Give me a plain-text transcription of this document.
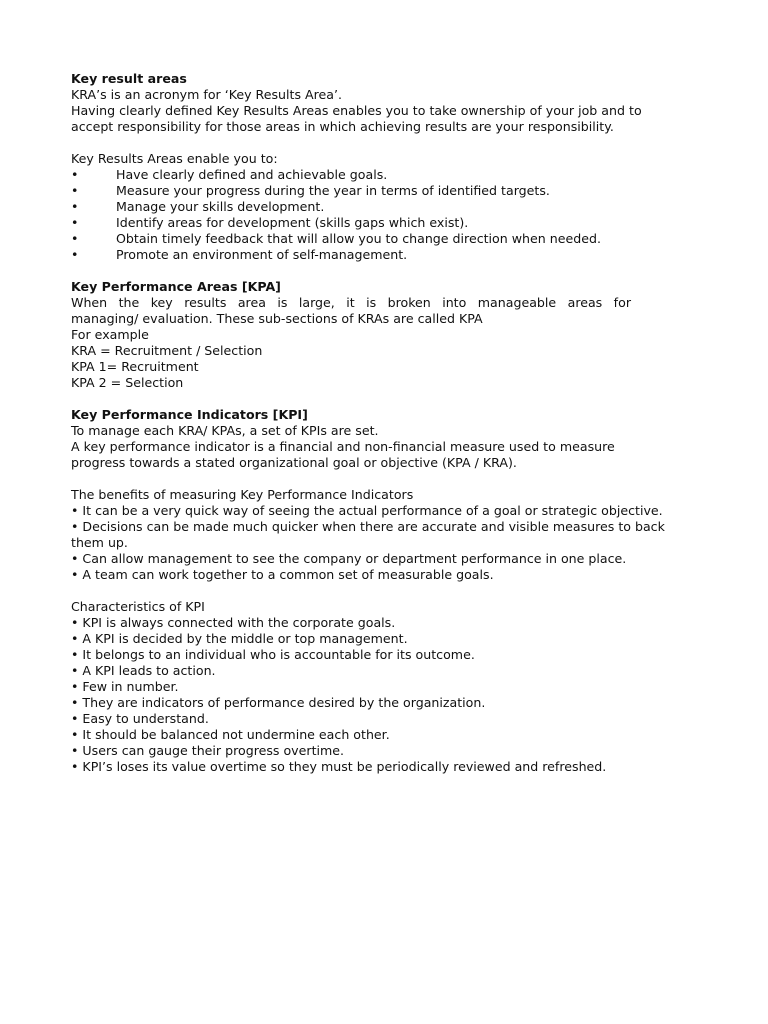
Key result areas
KRA’s is an acronym for ‘Key Results Area’.
Having clearly defined Key Results Areas enables you to take ownership of your job and to
accept responsibility for those areas in which achieving results are your responsibility.
Key Results Areas enable you to:
•	Have clearly defined and achievable goals.
•	Measure your progress during the year in terms of identified targets.
•	Manage your skills development.
•	Identify areas for development (skills gaps which exist).
•	Obtain timely feedback that will allow you to change direction when needed.
•	Promote an environment of self-management.
Key Performance Areas [KPA]
When the key results area is large, it is broken into manageable areas for
managing/ evaluation. These sub-sections of KRAs are called KPA
For example
KRA = Recruitment / Selection
KPA 1= Recruitment
KPA 2 = Selection
Key Performance Indicators [KPI]
To manage each KRA/ KPAs, a set of KPIs are set.
A key performance indicator is a financial and non-financial measure used to measure
progress towards a stated organizational goal or objective (KPA / KRA).
The benefits of measuring Key Performance Indicators
• It can be a very quick way of seeing the actual performance of a goal or strategic objective.
• Decisions can be made much quicker when there are accurate and visible measures to back
them up.
• Can allow management to see the company or department performance in one place.
• A team can work together to a common set of measurable goals.
Characteristics of KPI
• KPI is always connected with the corporate goals.
• A KPI is decided by the middle or top management.
• It belongs to an individual who is accountable for its outcome.
• A KPI leads to action.
• Few in number.
• They are indicators of performance desired by the organization.
• Easy to understand.
• It should be balanced not undermine each other.
• Users can gauge their progress overtime.
• KPI’s loses its value overtime so they must be periodically reviewed and refreshed.
